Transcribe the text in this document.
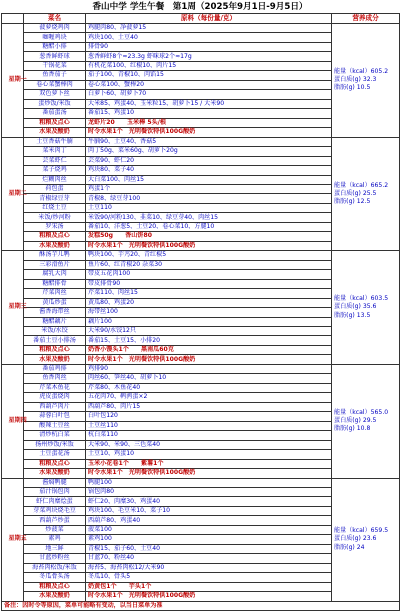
香山中学 学生午餐　第1周（2025年9月1日-9月5日）
	菜名	原料（每份量/克）	营养成分
星期一	菠萝烧鸡肉	鸡腿肉80、净菠萝15	能量（kcal）605.2
蛋白质(g) 32.3
脂肪(g) 10.5

	咖喱鸡块	鸡块100、土豆40	
	糖醋小排	排骨90	
	葱香鲜虾球	葱香鲜虾8个≈23.3g 虾咪球2个≈17g	
	干锅花菜	有机花菜100、红椒10、肉片15	
	鱼香茄子	茄子100、青椒10、肉馅15	
	卷心菜蟹棒肉	卷心菜100、蟹棒20	
	双色萝卜丝	白萝卜60、胡萝卜70	
	蛋炒饭/米饭	大米85、鸡蛋40、玉米粒15、胡萝卜15 / 大米90	
	番茄蛋汤	番茄15、鸡蛋10	
	粗粮及点心	龙虾片20　　玉米棒 5头/根	
	水果及酸奶	时令水果1个　光明餐饮特供100G酸奶	
星期二	土豆香菇牛腩	牛腩90、土豆40、香菇5	能量（kcal）665.2
蛋白质(g) 25.5
脂肪(g) 12.5

	菜米肉丁	肉丁50g、菜米60g、胡萝卜20g	
	芸菜虾仁	芸菜90、虾仁20	
	菜子烧鸡	鸡块80、菜子40	
	烂糊肉丝	大白菜100、肉丝15	
	荷包蛋	鸡蛋1个	
	青椒绿豆芽	青椒8、绿豆芽100	
	红烧土豆	土豆110	
	米饭/炒河粉	米饭90/河粉130、韭菜10、绿豆芽40、肉丝15	
	罗宋汤	番茄10、洋葱5、土豆20、卷心菜10、方腿10	
	粗粮及点心	发糕50g　　香山饼80	
	水果及酸奶	时令水果1个　光明餐饮特供100G酸奶	
星期三	酥汤芋儿鸭	鸭块100、芋艿20、青红椒5	能量（kcal）603.5
蛋白质(g) 35.6
脂肪(g) 13.5

	三彩滑鱼片	鱼片60、红青椒20 杂菜30	
	腐乳大肉	带皮五花肉100	
	糖醋排骨	带皮排骨90	
	芹菜肉丝	芹菜110、肉丝15	
	黄瓜炒蛋	黄瓜80、鸡蛋20	
	酱香海带丝	海带丝100	
	糖醋藕片	藕片100	
	米饭/水饺	大米90/水饺12只	
	番茄土豆小排汤	番茄15、土豆15、小排20	
	粗粮及点心	奶香小馒头1个　　黑南瓜60克	
	水果及酸奶	时令水果1个　光明餐饮特供100G酸奶	
星期四	番茄鸡排	鸡排90	能量（kcal）565.0
蛋白质(g) 29.5
脂肪(g) 10.8

	鱼香肉丝	肉丝60、笋丝40、胡萝卜10	
	芹菜木鱼花	芹菜80、木鱼花40	
	虎皮蛋烧肉	五花肉70、鹌鹑蛋×2	
	西葫芦肉片	西葫芦80、肉片15	
	蒜蓉白叶包	白叶包120	
	酸辣土豆丝	土豆丝110	
	清炒杭白菜	杭白菜110	
	扬州炒饭/米饭	大米90、米90、三色菜40	
	土豆蛋花汤	土豆10、鸡蛋10	
	粗粮及点心	玉米小花卷1个　　紫薯1个	
	水果及酸奶	时令水果1个　光明餐饮特供100G酸奶	
星期五	酱焖鸭腿	鸭腿100	能量（kcal）659.5
蛋白质(g) 23.6
脂肪(g) 24

	茄汁锅包肉	锅包肉80	
	虾仁肉糜烩蛋	虾仁20、肉糜30、鸡蛋40	
	芽菜鸡块烧毛豆	鸡块100、毛豆米10、菜子10	
	西葫芦炒蛋	西葫芦80、鸡蛋40	
	炒菠菜	菠菜100	
	素鸡	素鸡100	
	地三鲜	青椒15、茄子60、土豆40	
	甘蓝炒粉丝	甘蓝70、粉丝40	
	海苔肉松饭/米饭	海苔5、海苔肉松12/大米90	
	冬瓜骨头汤	冬瓜10、骨头5	
	粗粮及点心	奶黄包1个　　芋头1个	
	水果及酸奶	时令水果1个　光明餐饮特供100G酸奶	
备注：因时令等原因，菜单可能略有变动，以当日菜单为准			
